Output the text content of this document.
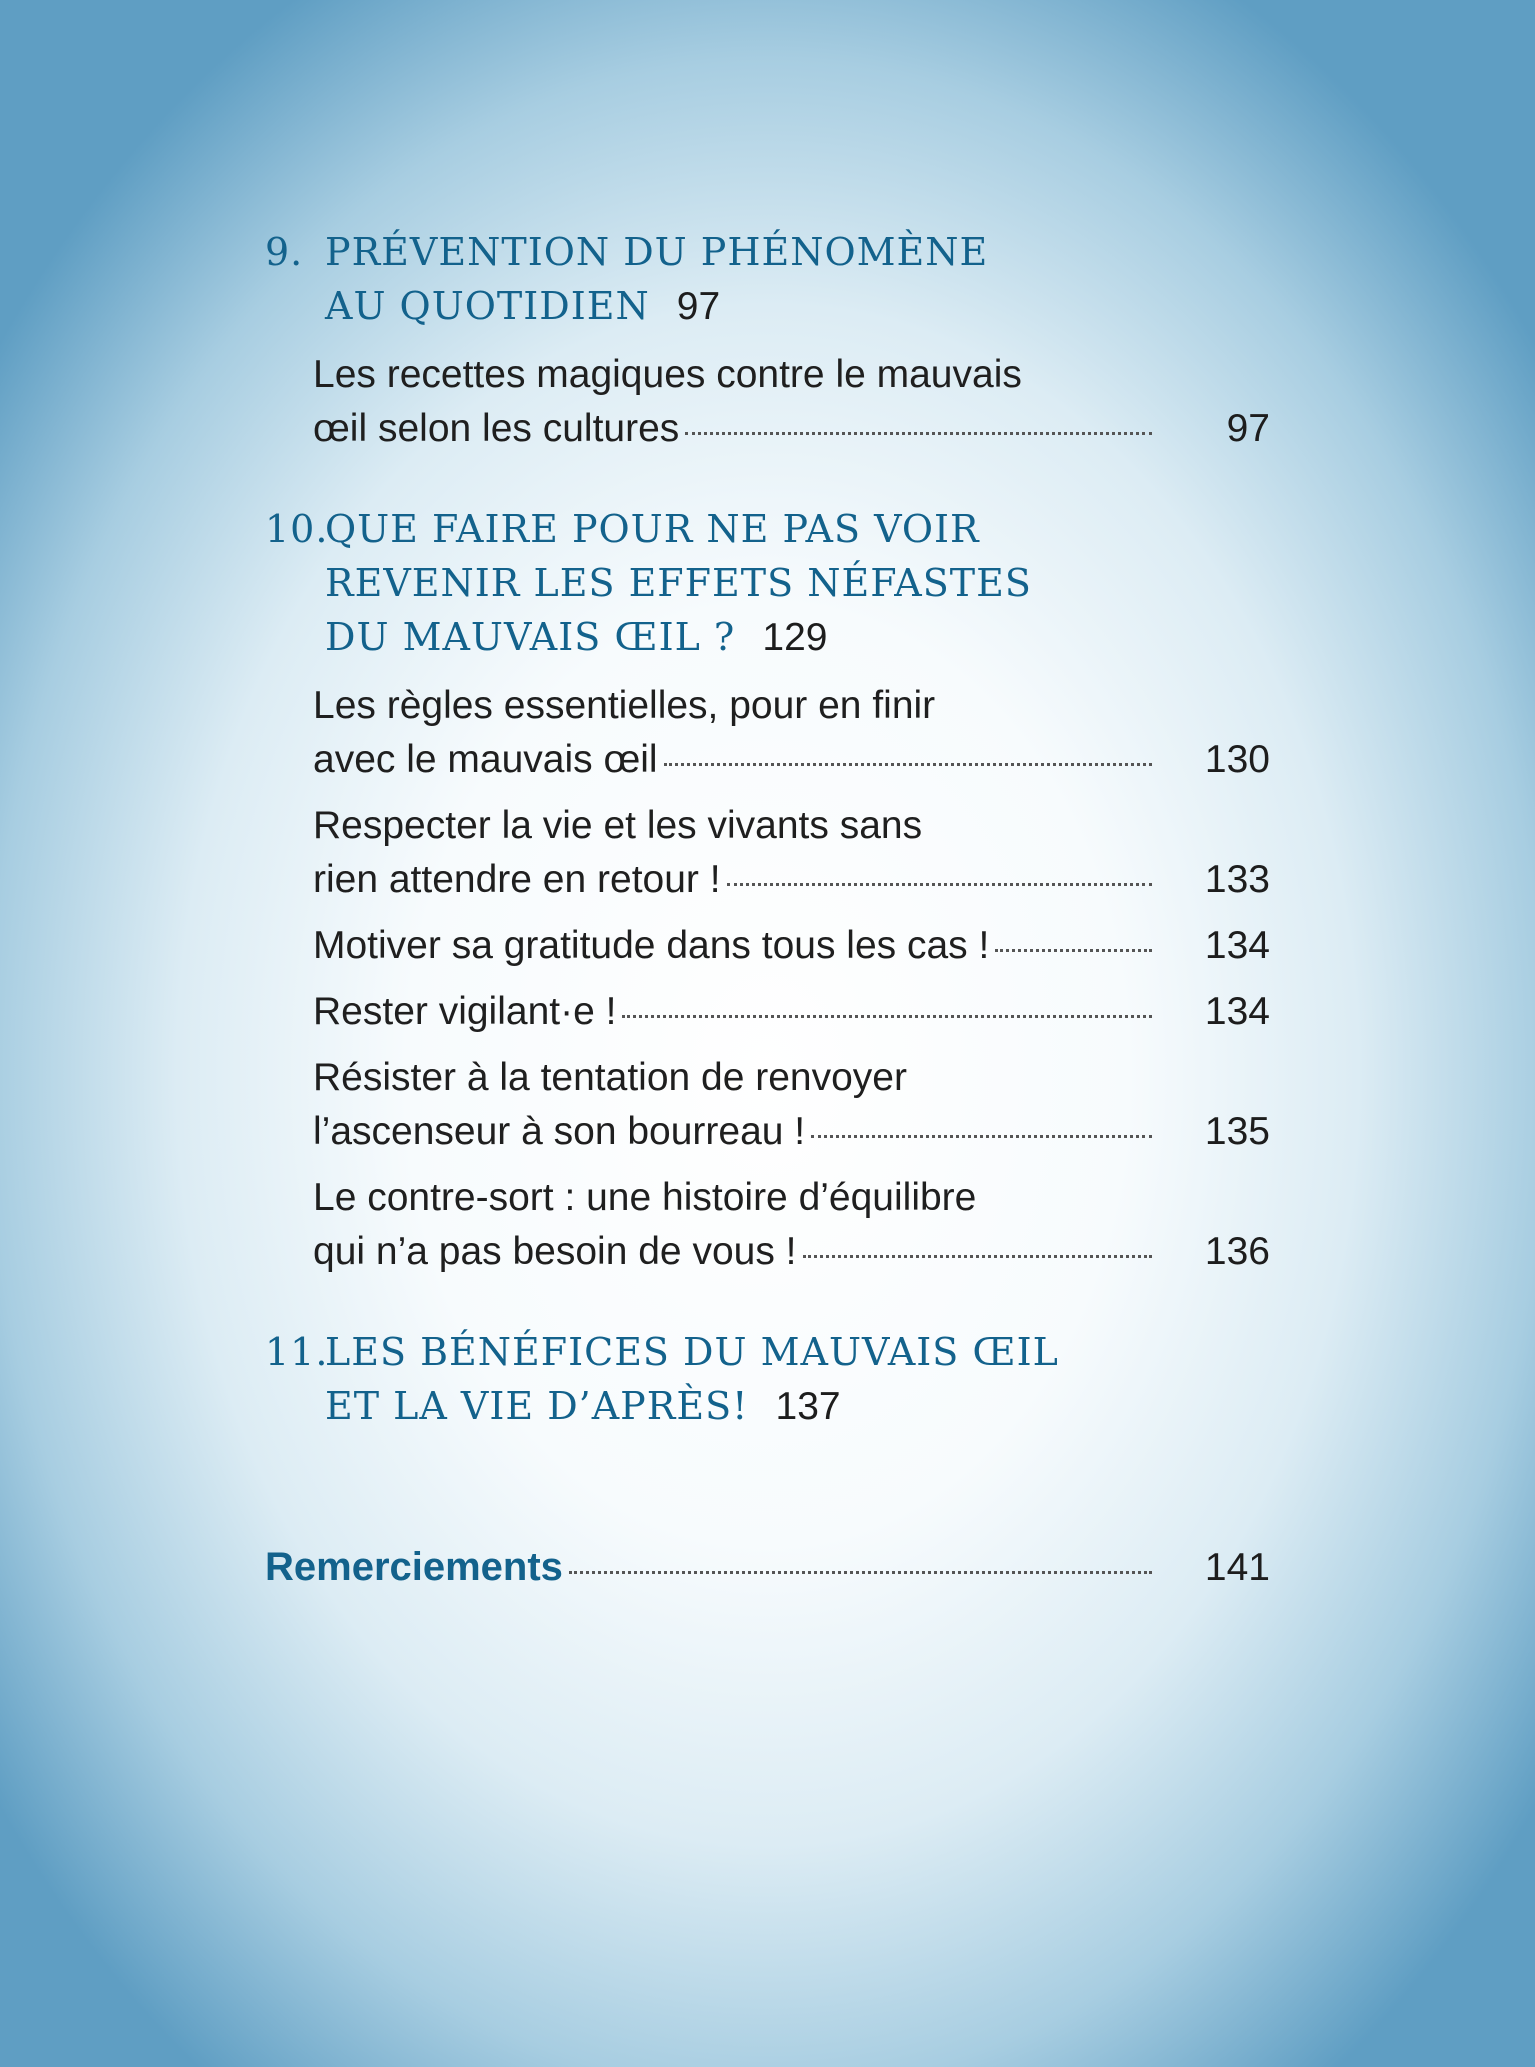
9. PRÉVENTION DU PHÉNOMÈNE
AU QUOTIDIEN 97
Les recettes magiques contre le mauvais
œil selon les cultures	97
10.
QUE FAIRE POUR NE PAS VOIR
REVENIR LES EFFETS NÉFASTES
DU MAUVAIS ŒIL ? 129
Les règles essentielles, pour en finir
avec le mauvais œil	130
Respecter la vie et les vivants sans
rien attendre en retour !	133
Motiver sa gratitude dans tous les cas !	134
Rester vigilant·e !	134
Résister à la tentation de renvoyer
l’ascenseur à son bourreau !	135
Le contre-sort : une histoire d’équilibre
qui n’a pas besoin de vous !	136
11.
LES BÉNÉFICES DU MAUVAIS ŒIL
ET LA VIE D’APRÈS! 137
Remerciements	141
